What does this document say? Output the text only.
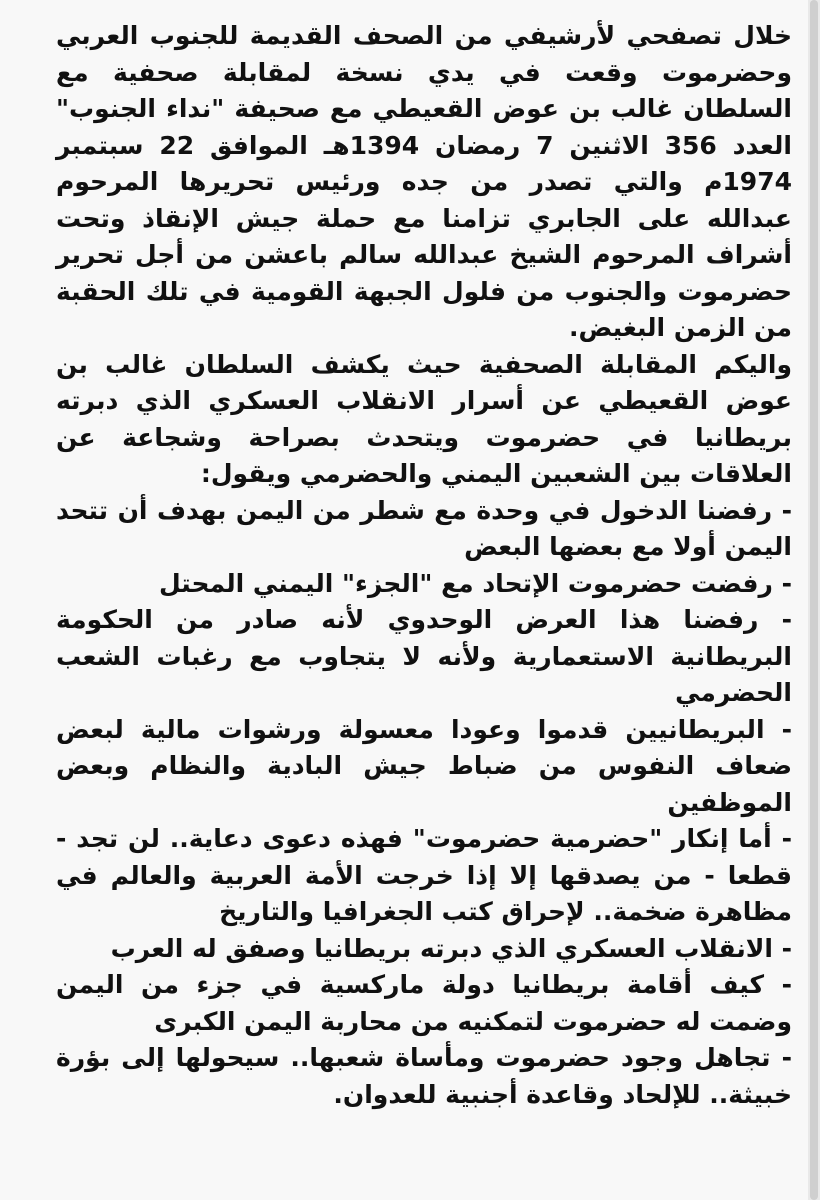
خلال تصفحي لأرشيفي من الصحف القديمة للجنوب العربي وحضرموت وقعت في يدي نسخة لمقابلة صحفية مع السلطان غالب بن عوض القعيطي مع صحيفة "نداء الجنوب" العدد 356 الاثنين 7 رمضان 1394هـ الموافق 22 سبتمبر 1974م والتي تصدر من جده ورئيس تحريرها المرحوم عبدالله على الجابري تزامنا مع حملة جيش الإنقاذ وتحت أشراف المرحوم الشيخ عبدالله سالم باعشن من أجل تحرير حضرموت والجنوب من فلول الجبهة القومية في تلك الحقبة من الزمن البغيض.

واليكم المقابلة الصحفية حيث يكشف السلطان غالب بن عوض القعيطي عن أسرار الانقلاب العسكري الذي دبرته بريطانيا في حضرموت ويتحدث بصراحة وشجاعة عن العلاقات بين الشعبين اليمني والحضرمي ويقول:

- رفضنا الدخول في وحدة مع شطر من اليمن بهدف أن تتحد اليمن أولا مع بعضها البعض

- رفضت حضرموت الإتحاد مع "الجزء" اليمني المحتل

- رفضنا هذا العرض الوحدوي لأنه صادر من الحكومة البريطانية الاستعمارية ولأنه لا يتجاوب مع رغبات الشعب الحضرمي

- البريطانيين قدموا وعودا معسولة ورشوات مالية لبعض ضعاف النفوس من ضباط جيش البادية والنظام وبعض الموظفين

- أما إنكار "حضرمية حضرموت" فهذه دعوى دعاية.. لن تجد - قطعا - من يصدقها إلا إذا خرجت الأمة العربية والعالم في مظاهرة ضخمة.. لإحراق كتب الجغرافيا والتاريخ

- الانقلاب العسكري الذي دبرته بريطانيا وصفق له العرب

- كيف أقامة بريطانيا دولة ماركسية في جزء من اليمن وضمت له حضرموت لتمكنيه من محاربة اليمن الكبرى

- تجاهل وجود حضرموت ومأساة شعبها.. سيحولها إلى بؤرة خبيثة.. للإلحاد وقاعدة أجنبية للعدوان.
